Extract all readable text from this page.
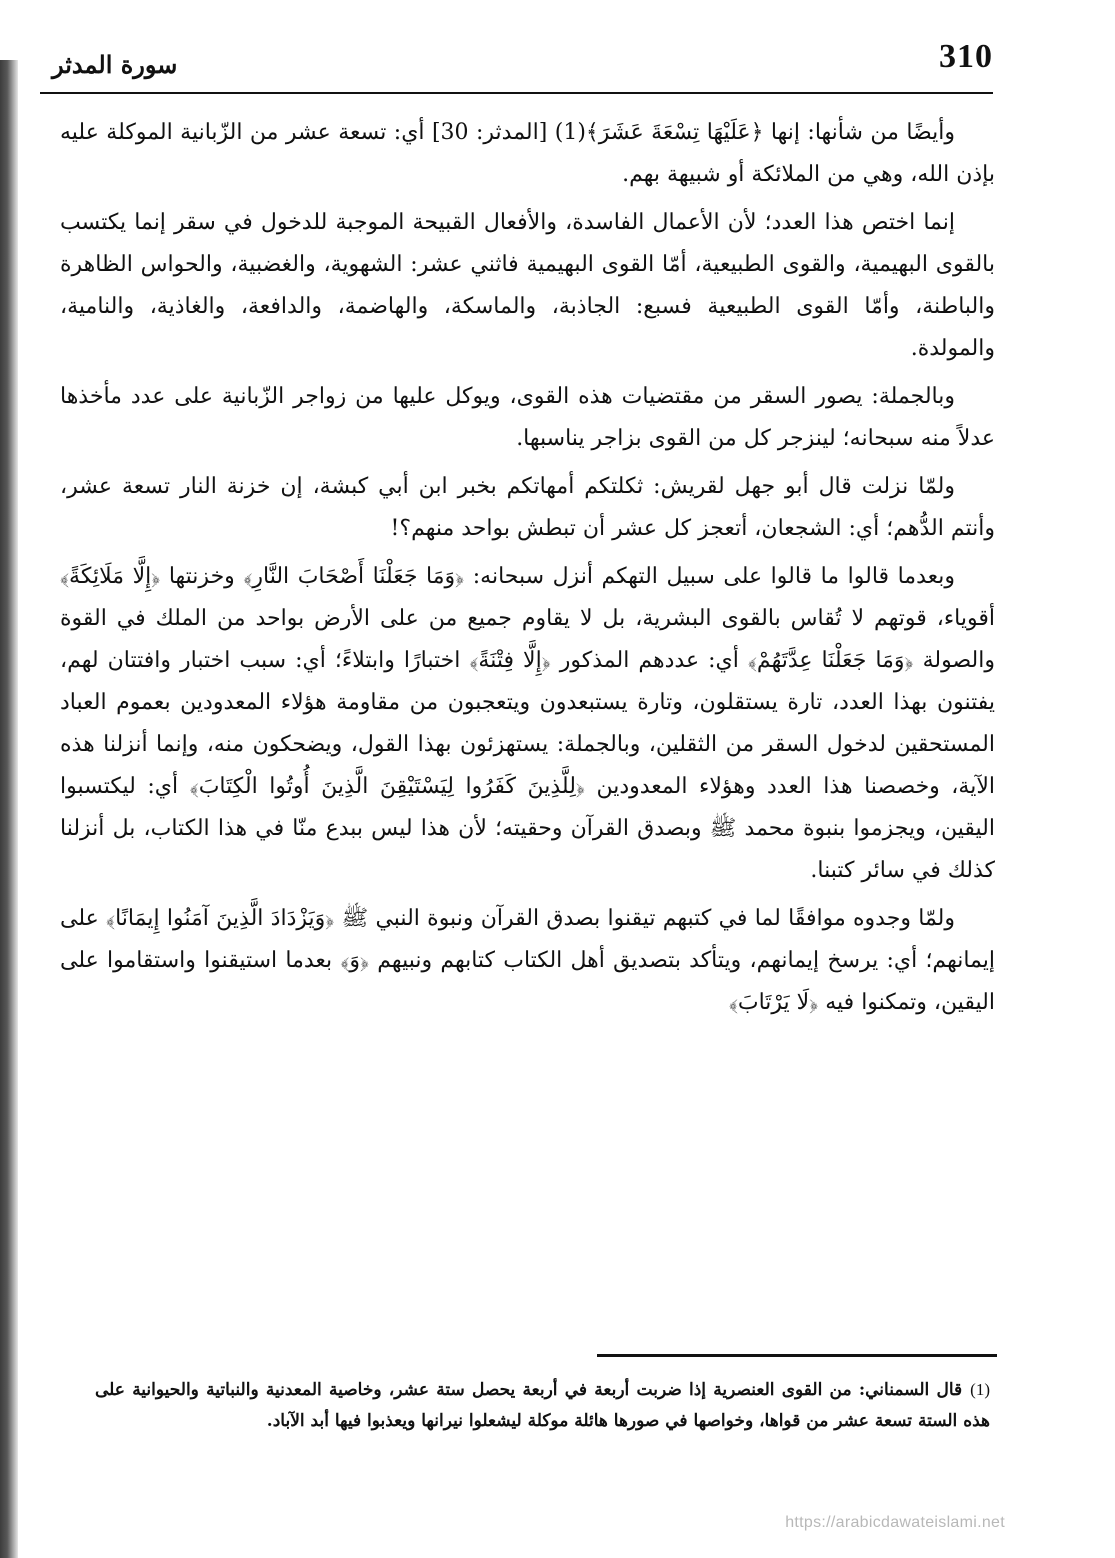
310
سورة المدثر

وأيضًا من شأنها: إنها ﴿عَلَيْهَا تِسْعَةَ عَشَرَ﴾(1) [المدثر: 30] أي: تسعة عشر من الزّبانية الموكلة عليه بإذن الله، وهي من الملائكة أو شبيهة بهم.

إنما اختص هذا العدد؛ لأن الأعمال الفاسدة، والأفعال القبيحة الموجبة للدخول في سقر إنما يكتسب بالقوى البهيمية، والقوى الطبيعية، أمّا القوى البهيمية فاثني عشر: الشهوية، والغضبية، والحواس الظاهرة والباطنة، وأمّا القوى الطبيعية فسبع: الجاذبة، والماسكة، والهاضمة، والدافعة، والغاذية، والنامية، والمولدة.

وبالجملة: يصور السقر من مقتضيات هذه القوى، ويوكل عليها من زواجر الزّبانية على عدد مأخذها عدلاً منه سبحانه؛ لينزجر كل من القوى بزاجر يناسبها.

ولمّا نزلت قال أبو جهل لقريش: ثكلتكم أمهاتكم بخبر ابن أبي كبشة، إن خزنة النار تسعة عشر، وأنتم الدُّهم؛ أي: الشجعان، أتعجز كل عشر أن تبطش بواحد منهم؟!

وبعدما قالوا ما قالوا على سبيل التهكم أنزل سبحانه: ﴿وَمَا جَعَلْنَا أَصْحَابَ النَّارِ﴾ وخزنتها ﴿إِلَّا مَلَائِكَةً﴾ أقوياء، قوتهم لا تُقاس بالقوى البشرية، بل لا يقاوم جميع من على الأرض بواحد من الملك في القوة والصولة ﴿وَمَا جَعَلْنَا عِدَّتَهُمْ﴾ أي: عددهم المذكور ﴿إِلَّا فِتْنَةً﴾ اختبارًا وابتلاءً؛ أي: سبب اختبار وافتتان لهم، يفتنون بهذا العدد، تارة يستقلون، وتارة يستبعدون ويتعجبون من مقاومة هؤلاء المعدودين بعموم العباد المستحقين لدخول السقر من الثقلين، وبالجملة: يستهزئون بهذا القول، ويضحكون منه، وإنما أنزلنا هذه الآية، وخصصنا هذا العدد وهؤلاء المعدودين ﴿لِلَّذِينَ كَفَرُوا لِيَسْتَيْقِنَ الَّذِينَ أُوتُوا الْكِتَابَ﴾ أي: ليكتسبوا اليقين، ويجزموا بنبوة محمد ﷺ وبصدق القرآن وحقيته؛ لأن هذا ليس ببدع منّا في هذا الكتاب، بل أنزلنا كذلك في سائر كتبنا.

ولمّا وجدوه موافقًا لما في كتبهم تيقنوا بصدق القرآن ونبوة النبي ﷺ ﴿وَيَزْدَادَ الَّذِينَ آمَنُوا إِيمَانًا﴾ على إيمانهم؛ أي: يرسخ إيمانهم، ويتأكد بتصديق أهل الكتاب كتابهم ونبيهم ﴿وَ﴾ بعدما استيقنوا واستقاموا على اليقين، وتمكنوا فيه ﴿لَا يَرْتَابَ﴾

(1)قال السمناني: من القوى العنصرية إذا ضربت أربعة في أربعة يحصل ستة عشر، وخاصية المعدنية والنباتية والحيوانية على هذه الستة تسعة عشر من قواها، وخواصها في صورها هائلة موكلة ليشعلوا نيرانها ويعذبوا فيها أبد الآباد.
https://arabicdawateislami.net
